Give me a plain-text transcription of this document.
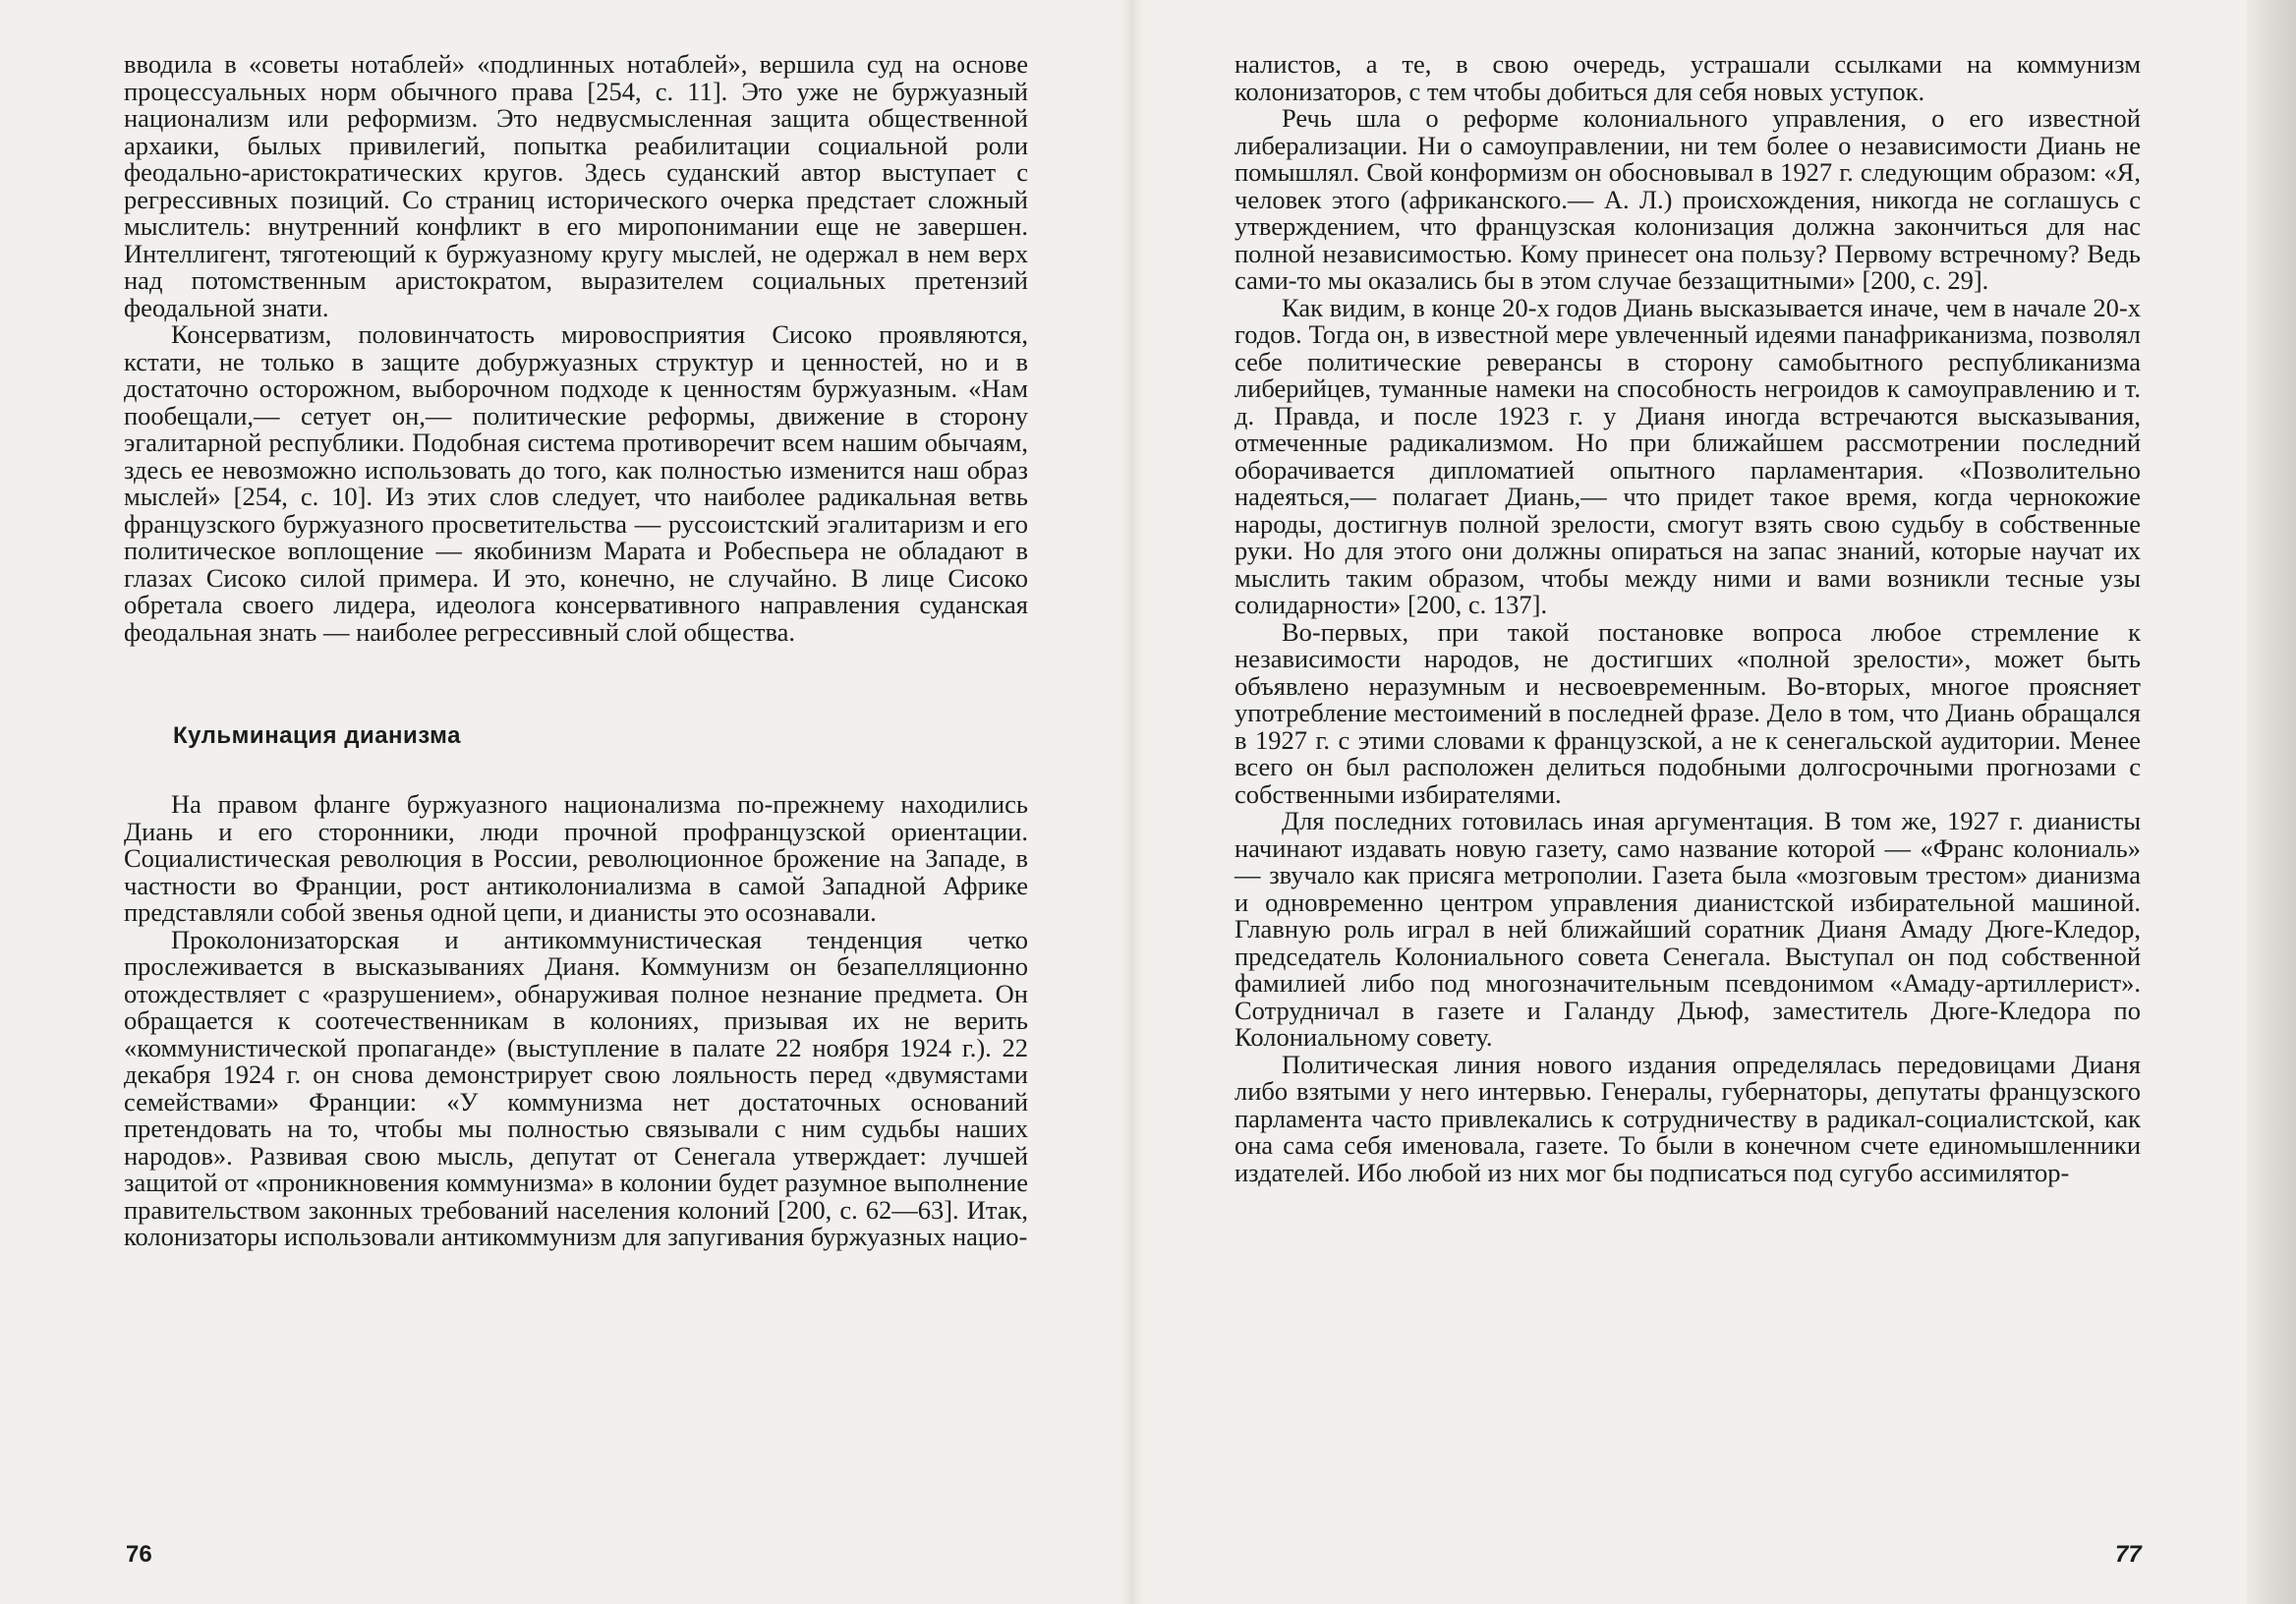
вводила в «советы нотаблей» «подлинных нотаблей», вершила суд на основе процессуальных норм обычного права [254, с. 11]. Это уже не буржуазный национализм или реформизм. Это недвусмысленная защита общественной архаики, былых привилегий, попытка реабилитации социальной роли феодально-аристократических кругов. Здесь суданский автор выступает с регрессивных позиций. Со страниц исторического очерка предстает сложный мыслитель: внутренний конфликт в его миропонимании еще не завершен. Интеллигент, тяготеющий к буржуазному кругу мыслей, не одержал в нем верх над потомственным аристократом, выразителем социальных претензий феодальной знати.

Консерватизм, половинчатость мировосприятия Сисоко проявляются, кстати, не только в защите добуржуазных структур и ценностей, но и в достаточно осторожном, выборочном подходе к ценностям буржуазным. «Нам пообещали,— сетует он,— политические реформы, движение в сторону эгалитарной республики. Подобная система противоречит всем нашим обычаям, здесь ее невозможно использовать до того, как полностью изменится наш образ мыслей» [254, с. 10]. Из этих слов следует, что наиболее радикальная ветвь французского буржуазного просветительства — руссоистский эгалитаризм и его политическое воплощение — якобинизм Марата и Робеспьера не обладают в глазах Сисоко силой примера. И это, конечно, не случайно. В лице Сисоко обретала своего лидера, идеолога консервативного направления суданская феодальная знать — наиболее регрессивный слой общества.

Кульминация дианизма

На правом фланге буржуазного национализма по-прежнему находились Диань и его сторонники, люди прочной профранцузской ориентации. Социалистическая революция в России, революционное брожение на Западе, в частности во Франции, рост антиколониализма в самой Западной Африке представляли собой звенья одной цепи, и дианисты это осознавали.

Проколонизаторская и антикоммунистическая тенденция четко прослеживается в высказываниях Дианя. Коммунизм он безапелляционно отождествляет с «разрушением», обнаруживая полное незнание предмета. Он обращается к соотечественникам в колониях, призывая их не верить «коммунистической пропаганде» (выступление в палате 22 ноября 1924 г.). 22 декабря 1924 г. он снова демонстрирует свою лояльность перед «двумястами семействами» Франции: «У коммунизма нет достаточных оснований претендовать на то, чтобы мы полностью связывали с ним судьбы наших народов». Развивая свою мысль, депутат от Сенегала утверждает: лучшей защитой от «проникновения коммунизма» в колонии будет разумное выполнение правительством законных требований населения колоний [200, с. 62—63]. Итак, колонизаторы использовали антикоммунизм для запугивания буржуазных нацио-

76

налистов, а те, в свою очередь, устрашали ссылками на коммунизм колонизаторов, с тем чтобы добиться для себя новых уступок.

Речь шла о реформе колониального управления, о его известной либерализации. Ни о самоуправлении, ни тем более о независимости Диань не помышлял. Свой конформизм он обосновывал в 1927 г. следующим образом: «Я, человек этого (африканского.— А. Л.) происхождения, никогда не соглашусь с утверждением, что французская колонизация должна закончиться для нас полной независимостью. Кому принесет она пользу? Первому встречному? Ведь сами-то мы оказались бы в этом случае беззащитными» [200, с. 29].

Как видим, в конце 20-х годов Диань высказывается иначе, чем в начале 20-х годов. Тогда он, в известной мере увлеченный идеями панафриканизма, позволял себе политические реверансы в сторону самобытного республиканизма либерийцев, туманные намеки на способность негроидов к самоуправлению и т. д. Правда, и после 1923 г. у Дианя иногда встречаются высказывания, отмеченные радикализмом. Но при ближайшем рассмотрении последний оборачивается дипломатией опытного парламентария. «Позволительно надеяться,— полагает Диань,— что придет такое время, когда чернокожие народы, достигнув полной зрелости, смогут взять свою судьбу в собственные руки. Но для этого они должны опираться на запас знаний, которые научат их мыслить таким образом, чтобы между ними и вами возникли тесные узы солидарности» [200, с. 137].

Во-первых, при такой постановке вопроса любое стремление к независимости народов, не достигших «полной зрелости», может быть объявлено неразумным и несвоевременным. Во-вторых, многое проясняет употребление местоимений в последней фразе. Дело в том, что Диань обращался в 1927 г. с этими словами к французской, а не к сенегальской аудитории. Менее всего он был расположен делиться подобными долгосрочными прогнозами с собственными избирателями.

Для последних готовилась иная аргументация. В том же, 1927 г. дианисты начинают издавать новую газету, само название которой — «Франс колониаль» — звучало как присяга метрополии. Газета была «мозговым трестом» дианизма и одновременно центром управления дианистской избирательной машиной. Главную роль играл в ней ближайший соратник Дианя Амаду Дюге-Кледор, председатель Колониального совета Сенегала. Выступал он под собственной фамилией либо под многозначительным псевдонимом «Амаду-артиллерист». Сотрудничал в газете и Галанду Дьюф, заместитель Дюге-Кледора по Колониальному совету.

Политическая линия нового издания определялась передовицами Дианя либо взятыми у него интервью. Генералы, губернаторы, депутаты французского парламента часто привлекались к сотрудничеству в радикал-социалистской, как она сама себя именовала, газете. То были в конечном счете единомышленники издателей. Ибо любой из них мог бы подписаться под сугубо ассимилятор-

77
